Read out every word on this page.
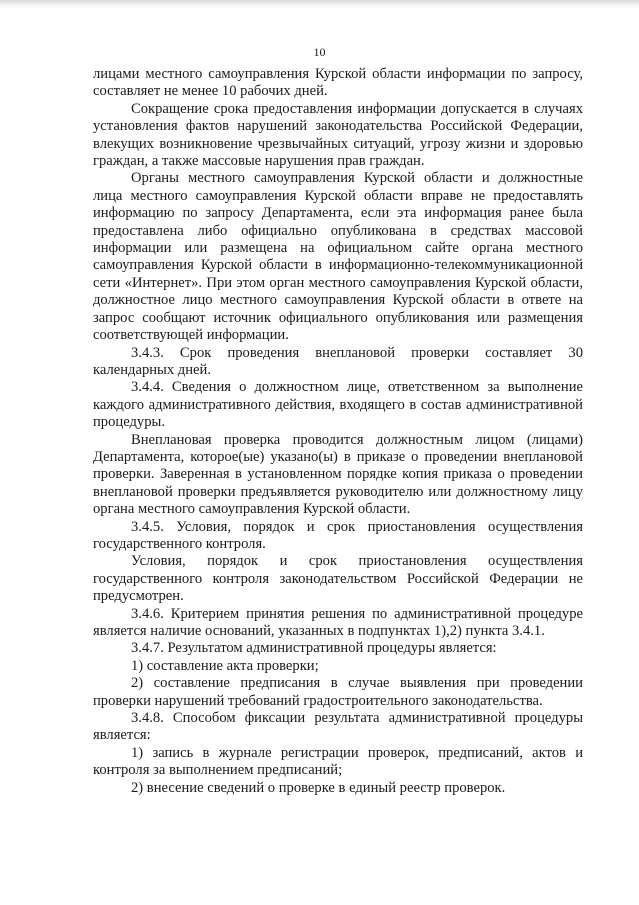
10

лицами местного самоуправления Курской области информации по запросу, составляет не менее 10 рабочих дней.

Сокращение срока предоставления информации допускается в случаях установления фактов нарушений законодательства Российской Федерации, влекущих возникновение чрезвычайных ситуаций, угрозу жизни и здоровью граждан, а также массовые нарушения прав граждан.

Органы местного самоуправления Курской области и должностные лица местного самоуправления Курской области вправе не предоставлять информацию по запросу Департамента, если эта информация ранее была предоставлена либо официально опубликована в средствах массовой информации или размещена на официальном сайте органа местного самоуправления Курской области в информационно-телекоммуникационной сети «Интернет». При этом орган местного самоуправления Курской области, должностное лицо местного самоуправления Курской области в ответе на запрос сообщают источник официального опубликования или размещения соответствующей информации.

3.4.3. Срок проведения внеплановой проверки составляет 30 календарных дней.

3.4.4. Сведения о должностном лице, ответственном за выполнение каждого административного действия, входящего в состав административной процедуры.

Внеплановая проверка проводится должностным лицом (лицами) Департамента, которое(ые) указано(ы) в приказе о проведении внеплановой проверки. Заверенная в установленном порядке копия приказа о проведении внеплановой проверки предъявляется руководителю или должностному лицу органа местного самоуправления Курской области.

3.4.5. Условия, порядок и срок приостановления осуществления государственного контроля.

Условия, порядок и срок приостановления осуществления государственного контроля законодательством Российской Федерации не предусмотрен.

3.4.6. Критерием принятия решения по административной процедуре является наличие оснований, указанных в подпунктах 1),2) пункта 3.4.1.

3.4.7. Результатом административной процедуры является:

1) составление акта проверки;

2) составление предписания в случае выявления при проведении проверки нарушений требований градостроительного законодательства.

3.4.8. Способом фиксации результата административной процедуры является:

1) запись в журнале регистрации проверок, предписаний, актов и контроля за выполнением предписаний;

2) внесение сведений о проверке в единый реестр проверок.
